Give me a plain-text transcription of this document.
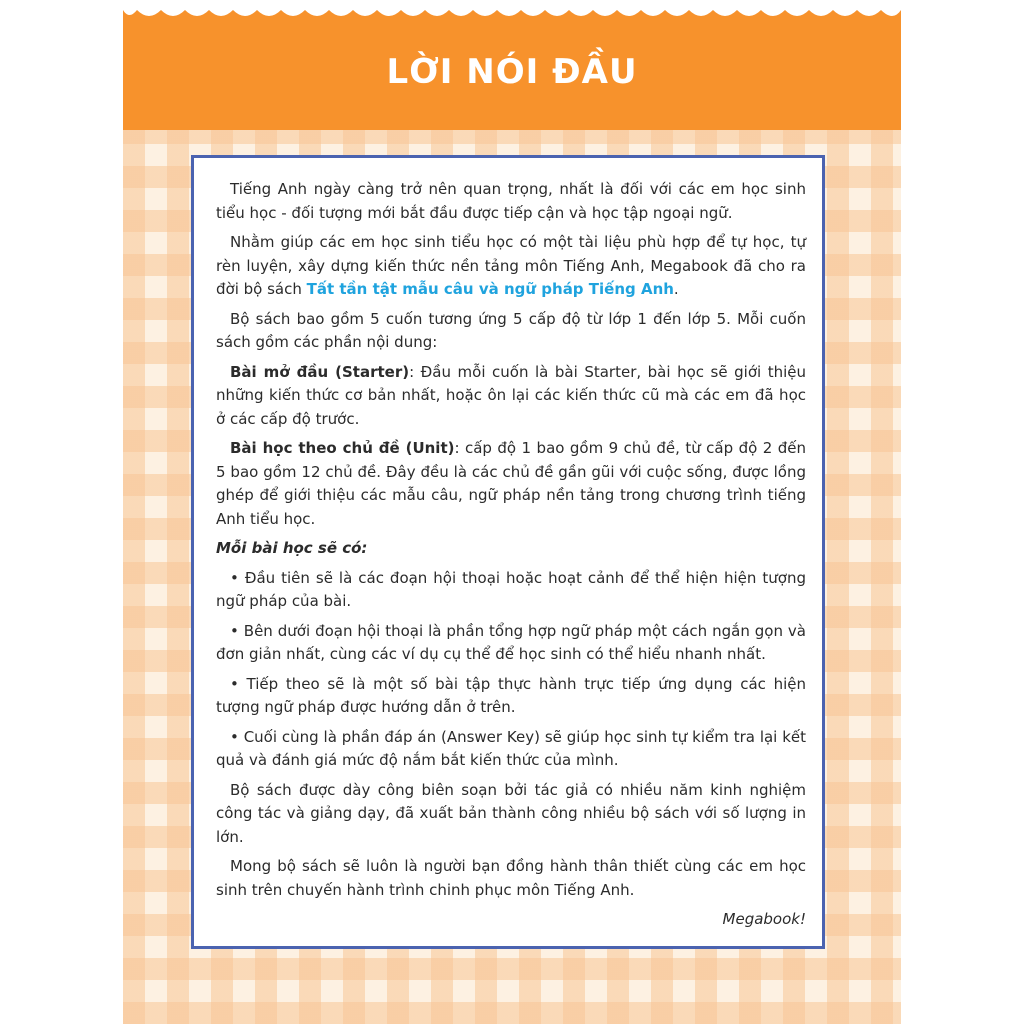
LỜI NÓI ĐẦU

Tiếng Anh ngày càng trở nên quan trọng, nhất là đối với các em học sinh tiểu học - đối tượng mới bắt đầu được tiếp cận và học tập ngoại ngữ.

Nhằm giúp các em học sinh tiểu học có một tài liệu phù hợp để tự học, tự rèn luyện, xây dựng kiến thức nền tảng môn Tiếng Anh, Megabook đã cho ra đời bộ sách Tất tần tật mẫu câu và ngữ pháp Tiếng Anh.

Bộ sách bao gồm 5 cuốn tương ứng 5 cấp độ từ lớp 1 đến lớp 5. Mỗi cuốn sách gồm các phần nội dung:

Bài mở đầu (Starter): Đầu mỗi cuốn là bài Starter, bài học sẽ giới thiệu những kiến thức cơ bản nhất, hoặc ôn lại các kiến thức cũ mà các em đã học ở các cấp độ trước.

Bài học theo chủ đề (Unit): cấp độ 1 bao gồm 9 chủ đề, từ cấp độ 2 đến 5 bao gồm 12 chủ đề. Đây đều là các chủ đề gần gũi với cuộc sống, được lồng ghép để giới thiệu các mẫu câu, ngữ pháp nền tảng trong chương trình tiếng Anh tiểu học.

Mỗi bài học sẽ có:

• Đầu tiên sẽ là các đoạn hội thoại hoặc hoạt cảnh để thể hiện hiện tượng ngữ pháp của bài.

• Bên dưới đoạn hội thoại là phần tổng hợp ngữ pháp một cách ngắn gọn và đơn giản nhất, cùng các ví dụ cụ thể để học sinh có thể hiểu nhanh nhất.

• Tiếp theo sẽ là một số bài tập thực hành trực tiếp ứng dụng các hiện tượng ngữ pháp được hướng dẫn ở trên.

• Cuối cùng là phần đáp án (Answer Key) sẽ giúp học sinh tự kiểm tra lại kết quả và đánh giá mức độ nắm bắt kiến thức của mình.

Bộ sách được dày công biên soạn bởi tác giả có nhiều năm kinh nghiệm công tác và giảng dạy, đã xuất bản thành công nhiều bộ sách với số lượng in lớn.

Mong bộ sách sẽ luôn là người bạn đồng hành thân thiết cùng các em học sinh trên chuyến hành trình chinh phục môn Tiếng Anh.

Megabook!
